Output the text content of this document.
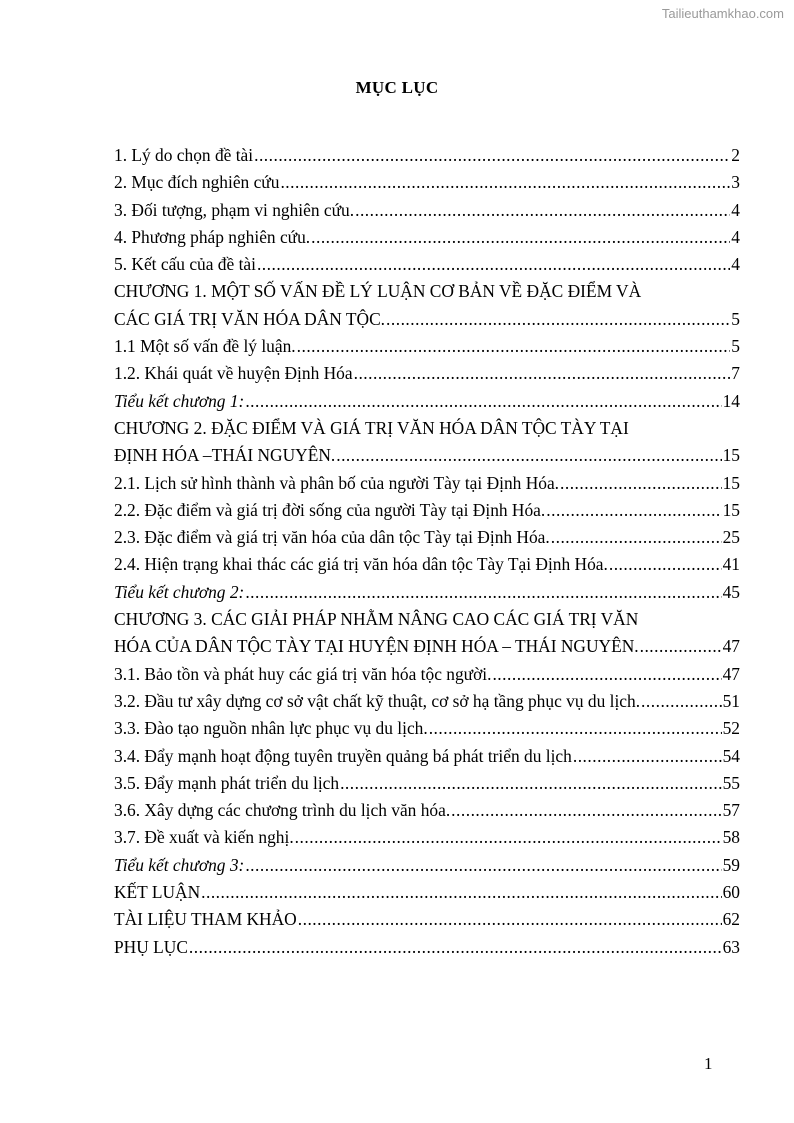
Tailieuthamkhao.com
MỤC LỤC
1. Lý do chọn đề tài .....	2
2. Mục đích nghiên cứu .....	3
3. Đối tượng, phạm vi nghiên cứu. .....	4
4. Phương pháp nghiên cứu. .....	4
5. Kết cấu của đề tài .....	4
CHƯƠNG 1. MỘT SỐ VẤN ĐỀ LÝ LUẬN CƠ BẢN VỀ ĐẶC ĐIỂM VÀ
CÁC GIÁ TRỊ VĂN HÓA DÂN TỘC. .....	5
1.1 Một số vấn đề lý luận. .....	5
1.2. Khái quát về huyện Định Hóa .....	7
Tiểu kết chương 1: .....	14
CHƯƠNG 2. ĐẶC ĐIỂM VÀ GIÁ TRỊ VĂN HÓA DÂN TỘC TÀY TẠI
ĐỊNH HÓA –THÁI NGUYÊN. .....	15
2.1. Lịch sử hình thành và phân bố của người Tày tại Định Hóa. .....	15
2.2. Đặc điểm và giá trị đời sống của người Tày tại Định Hóa. .....	15
2.3. Đặc điểm và giá trị văn hóa của dân tộc Tày tại Định Hóa. .....	25
2.4. Hiện trạng khai thác các giá trị văn hóa dân tộc Tày Tại Định Hóa. .....	41
Tiểu kết chương 2: .....	45
CHƯƠNG 3. CÁC GIẢI PHÁP NHẰM NÂNG CAO CÁC GIÁ TRỊ VĂN
HÓA CỦA DÂN TỘC TÀY TẠI HUYỆN ĐỊNH HÓA – THÁI NGUYÊN. .....	47
3.1. Bảo tồn và phát huy các giá trị văn hóa tộc người. .....	47
3.2. Đầu tư xây dựng cơ sở vật chất kỹ thuật, cơ sở hạ tầng phục vụ du lịch. .....	51
3.3. Đào tạo nguồn nhân lực phục vụ du lịch. .....	52
3.4. Đẩy mạnh hoạt động tuyên truyền quảng bá phát triển du lịch .....	54
3.5. Đẩy mạnh phát triển du lịch .....	55
3.6. Xây dựng các chương trình du lịch văn hóa. .....	57
3.7. Đề xuất và kiến nghị. .....	58
Tiểu kết chương 3: .....	59
KẾT LUẬN .....	60
TÀI LIỆU THAM KHẢO .....	62
PHỤ LỤC .....	63
1
